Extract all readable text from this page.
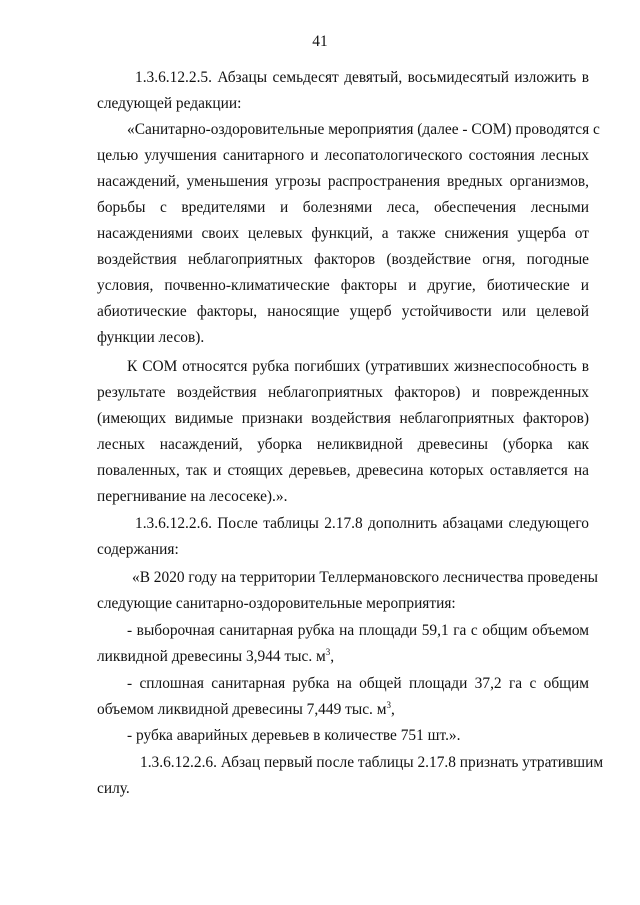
41
1.3.6.12.2.5. Абзацы семьдесят девятый, восьмидесятый изложить в
следующей редакции:
«Санитарно-оздоровительные мероприятия (далее - СОМ) проводятся с
целью улучшения санитарного и лесопатологического состояния лесных
насаждений, уменьшения угрозы распространения вредных организмов,
борьбы с вредителями и болезнями леса, обеспечения лесными
насаждениями своих целевых функций, а также снижения ущерба от
воздействия неблагоприятных факторов (воздействие огня, погодные
условия, почвенно-климатические факторы и другие, биотические и
абиотические факторы, наносящие ущерб устойчивости или целевой
функции лесов).
К СОМ относятся рубка погибших (утративших жизнеспособность в
результате воздействия неблагоприятных факторов) и поврежденных
(имеющих видимые признаки воздействия неблагоприятных факторов)
лесных насаждений, уборка неликвидной древесины (уборка как
поваленных, так и стоящих деревьев, древесина которых оставляется на
перегнивание на лесосеке).».
1.3.6.12.2.6. После таблицы 2.17.8 дополнить абзацами следующего
содержания:
«В 2020 году на территории Теллермановского лесничества проведены
следующие санитарно-оздоровительные мероприятия:
- выборочная санитарная рубка на площади 59,1 га с общим объемом
ликвидной древесины 3,944 тыс. $м^3$,
- сплошная санитарная рубка на общей площади 37,2 га с общим
объемом ликвидной древесины 7,449 тыс. $м^3$,
- рубка аварийных деревьев в количестве 751 шт.».
1.3.6.12.2.6. Абзац первый после таблицы 2.17.8 признать утратившим
силу.
